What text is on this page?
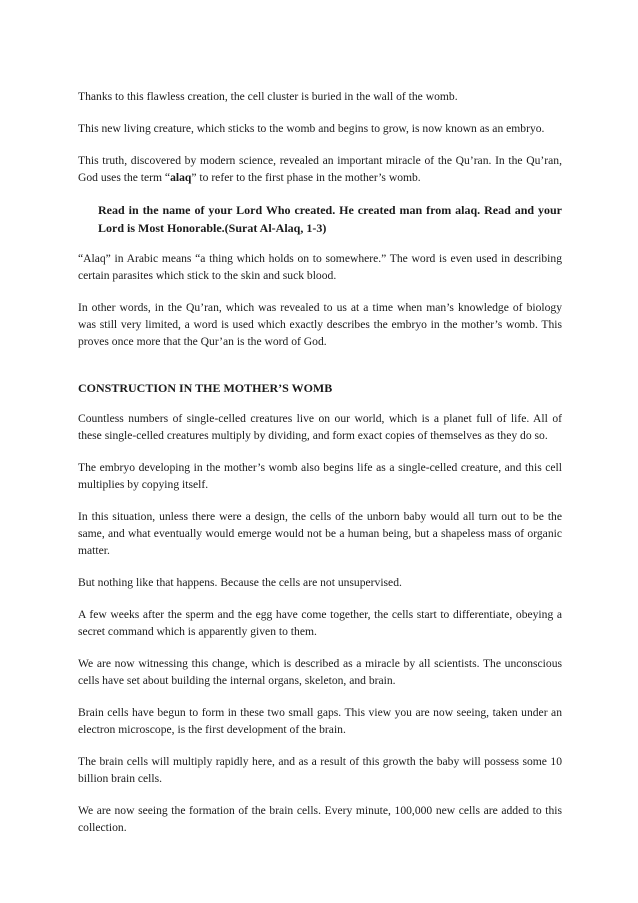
Thanks to this flawless creation, the cell cluster is buried in the wall of the womb.

This new living creature, which sticks to the womb and begins to grow, is now known as an embryo.

This truth, discovered by modern science, revealed an important miracle of the Qu’ran. In the Qu’ran, God uses the term “alaq” to refer to the first phase in the mother’s womb.

Read in the name of your Lord Who created. He created man from alaq. Read and your Lord is Most Honorable.(Surat Al-Alaq, 1-3)

“Alaq” in Arabic means “a thing which holds on to somewhere.” The word is even used in describing certain parasites which stick to the skin and suck blood.

In other words, in the Qu’ran, which was revealed to us at a time when man’s knowledge of biology was still very limited, a word is used which exactly describes the embryo in the mother’s womb. This proves once more that the Qur’an is the word of God.

CONSTRUCTION IN THE MOTHER’S WOMB

Countless numbers of single-celled creatures live on our world, which is a planet full of life. All of these single-celled creatures multiply by dividing, and form exact copies of themselves as they do so.

The embryo developing in the mother’s womb also begins life as a single-celled creature, and this cell multiplies by copying itself.

In this situation, unless there were a design, the cells of the unborn baby would all turn out to be the same, and what eventually would emerge would not be a human being, but a shapeless mass of organic matter.

But nothing like that happens. Because the cells are not unsupervised.

A few weeks after the sperm and the egg have come together, the cells start to differentiate, obeying a secret command which is apparently given to them.

We are now witnessing this change, which is described as a miracle by all scientists. The unconscious cells have set about building the internal organs, skeleton, and brain.

Brain cells have begun to form in these two small gaps. This view you are now seeing, taken under an electron microscope, is the first development of the brain.

The brain cells will multiply rapidly here, and as a result of this growth the baby will possess some 10 billion brain cells.

We are now seeing the formation of the brain cells. Every minute, 100,000 new cells are added to this collection.
